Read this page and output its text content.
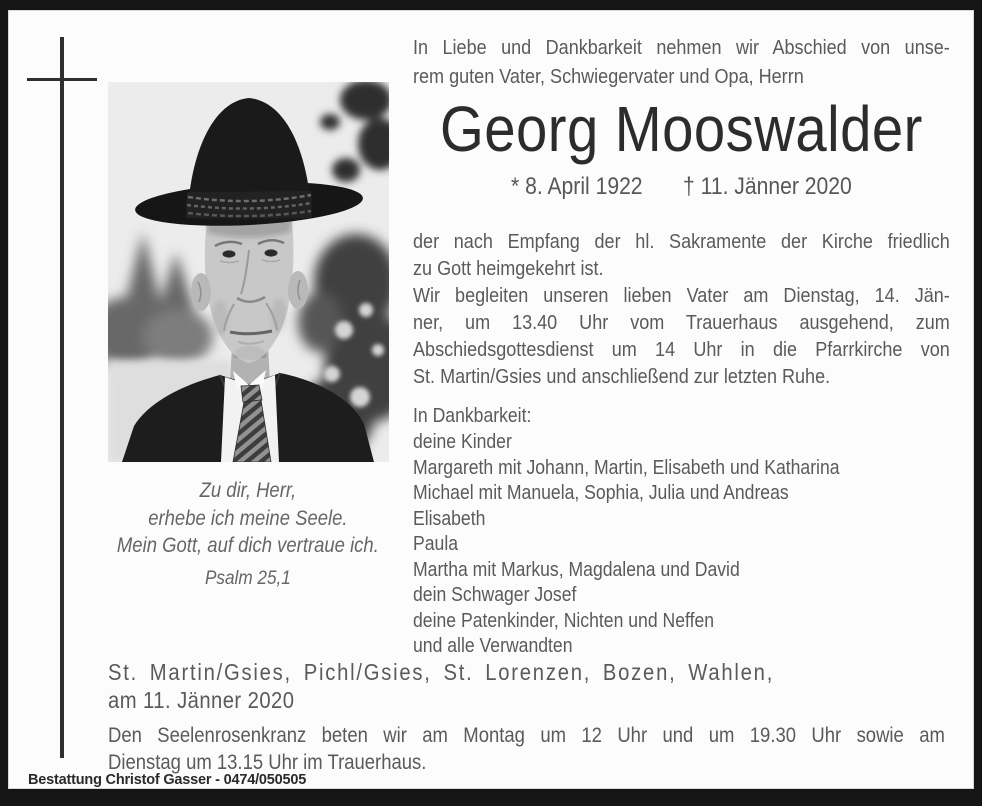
Zu dir, Herr,
erhebe ich meine Seele.
Mein Gott, auf dich vertraue ich.
Psalm 25,1
In Liebe und Dankbarkeit nehmen wir Abschied von unse-
rem guten Vater, Schwiegervater und Opa, Herrn
Georg Mooswalder
* 8. April 1922 † 11. Jänner 2020
der nach Empfang der hl. Sakramente der Kirche friedlich
zu Gott heimgekehrt ist.
Wir begleiten unseren lieben Vater am Dienstag, 14. Jän-
ner, um 13.40 Uhr vom Trauerhaus ausgehend, zum
Abschiedsgottesdienst um 14 Uhr in die Pfarrkirche von
St. Martin/Gsies und anschließend zur letzten Ruhe.
In Dankbarkeit:
deine Kinder
Margareth mit Johann, Martin, Elisabeth und Katharina
Michael mit Manuela, Sophia, Julia und Andreas
Elisabeth
Paula
Martha mit Markus, Magdalena und David
dein Schwager Josef
deine Patenkinder, Nichten und Neffen
und alle Verwandten
St. Martin/Gsies, Pichl/Gsies, St. Lorenzen, Bozen, Wahlen,
am 11. Jänner 2020
Den Seelenrosenkranz beten wir am Montag um 12 Uhr und um 19.30 Uhr sowie am
Dienstag um 13.15 Uhr im Trauerhaus.
Bestattung Christof Gasser - 0474/050505
